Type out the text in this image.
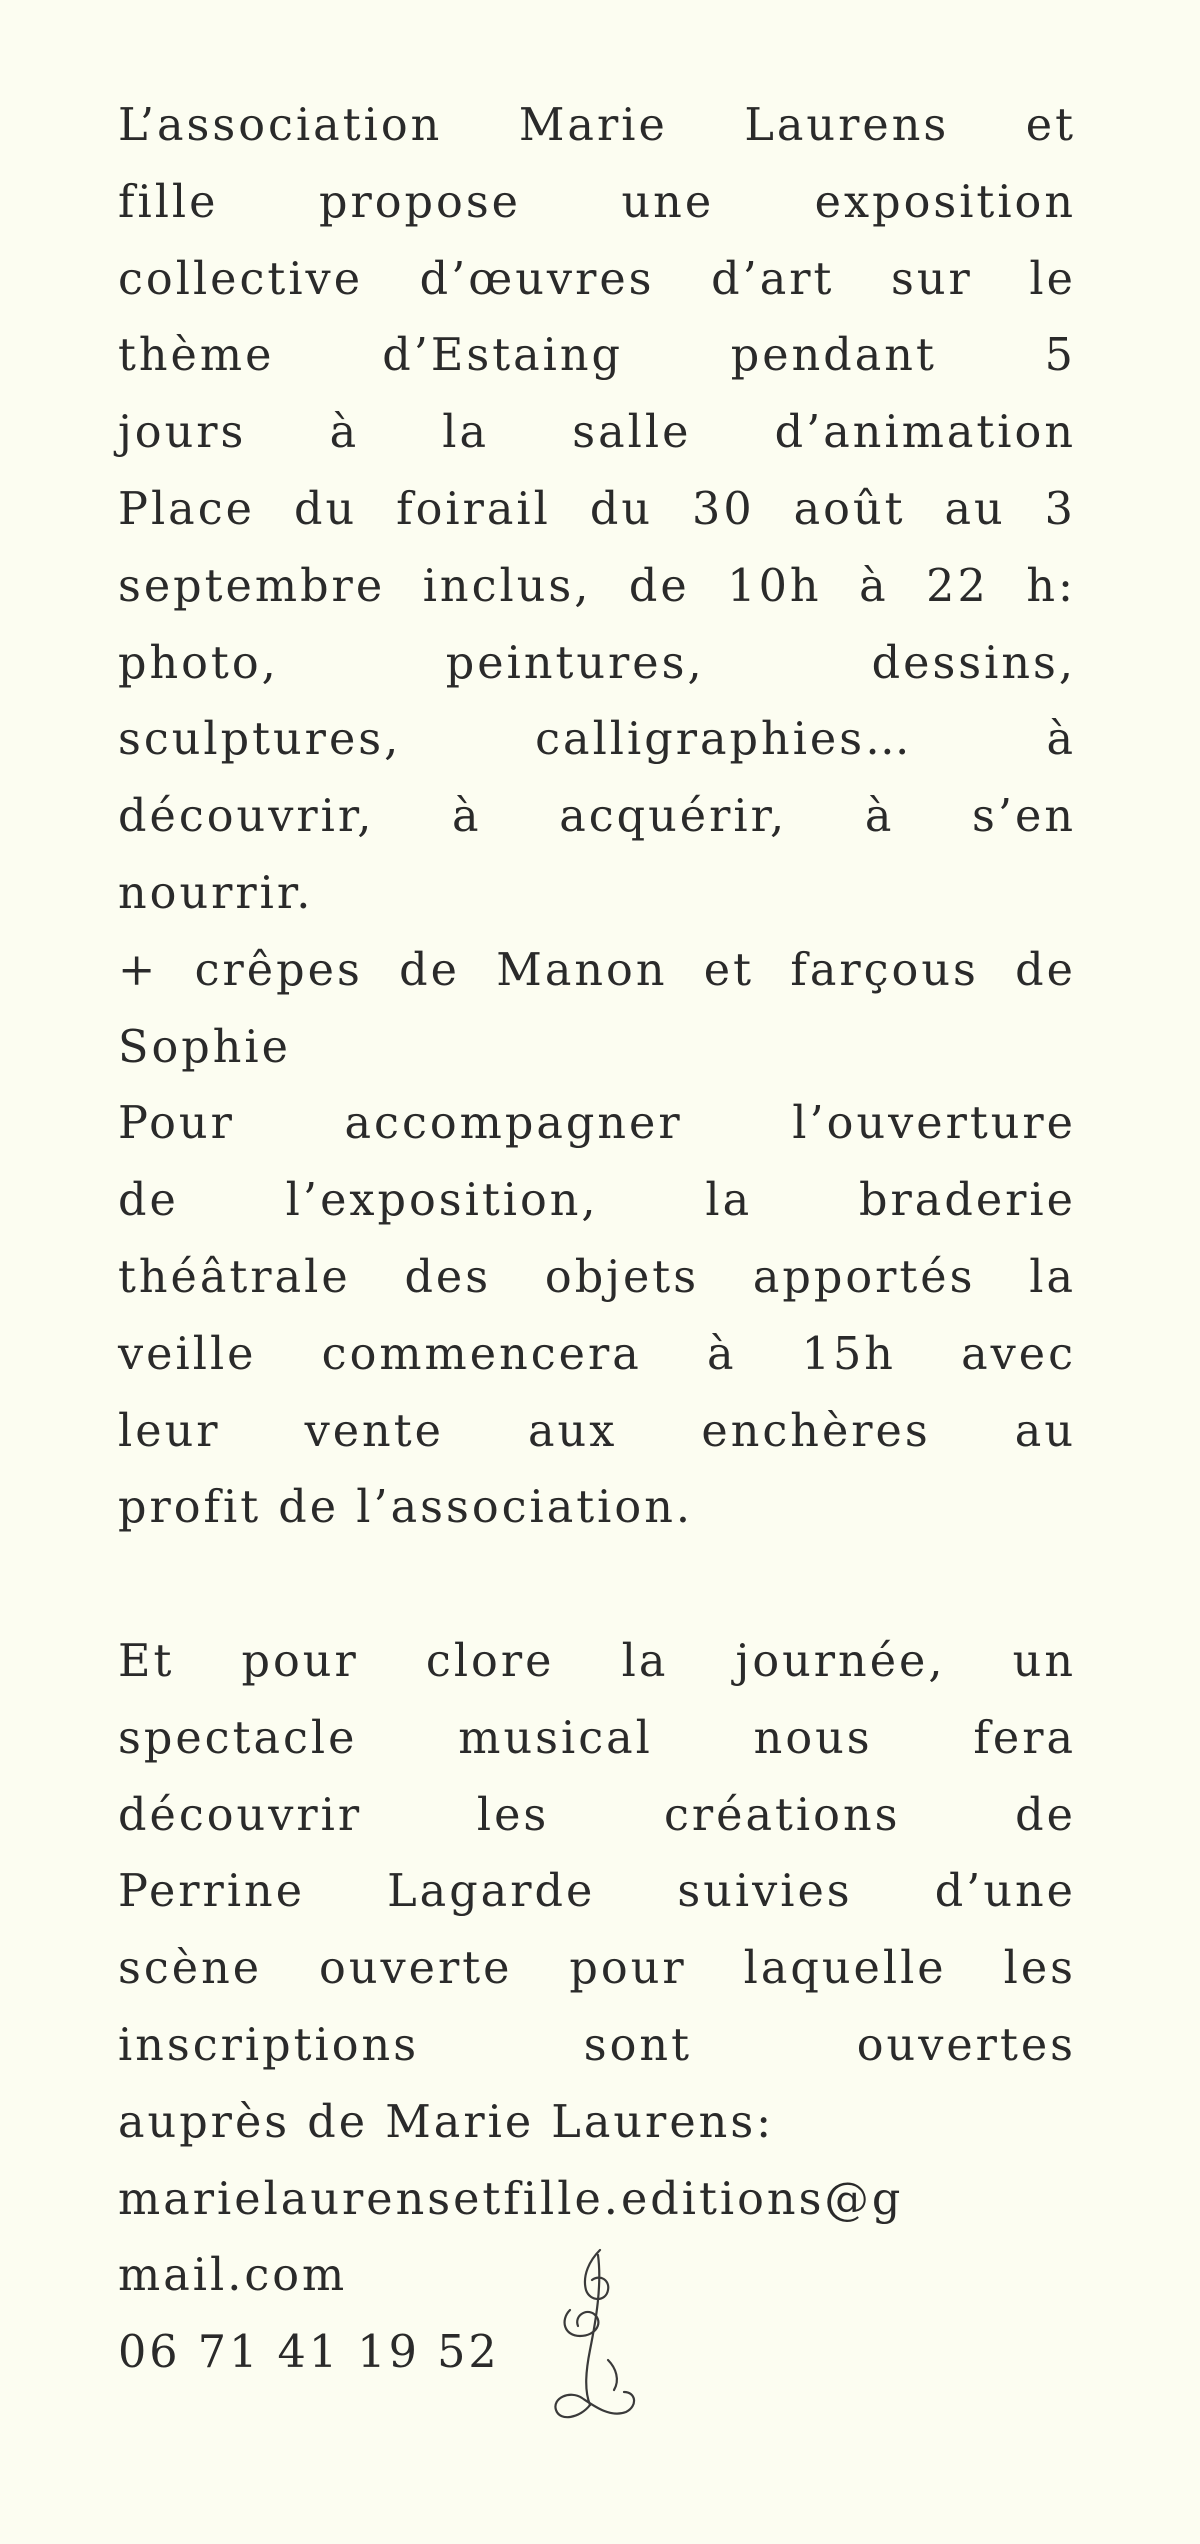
L’association Marie Laurens et
fille propose une exposition
collective d’œuvres d’art sur le
thème d’Estaing pendant 5
jours à la salle d’animation
Place du foirail du 30 août au 3
septembre inclus, de 10h à 22 h:
photo, peintures, dessins,
sculptures, calligraphies… à
découvrir, à acquérir, à s’en
nourrir.
+ crêpes de Manon et farçous de
Sophie
Pour accompagner l’ouverture
de l’exposition, la braderie
théâtrale des objets apportés la
veille commencera à 15h avec
leur vente aux enchères au
profit de l’association.
Et pour clore la journée, un
spectacle musical nous fera
découvrir les créations de
Perrine Lagarde suivies d’une
scène ouverte pour laquelle les
inscriptions sont ouvertes
auprès de Marie Laurens:
marielaurensetfille.editions@g
mail.com
06 71 41 19 52
